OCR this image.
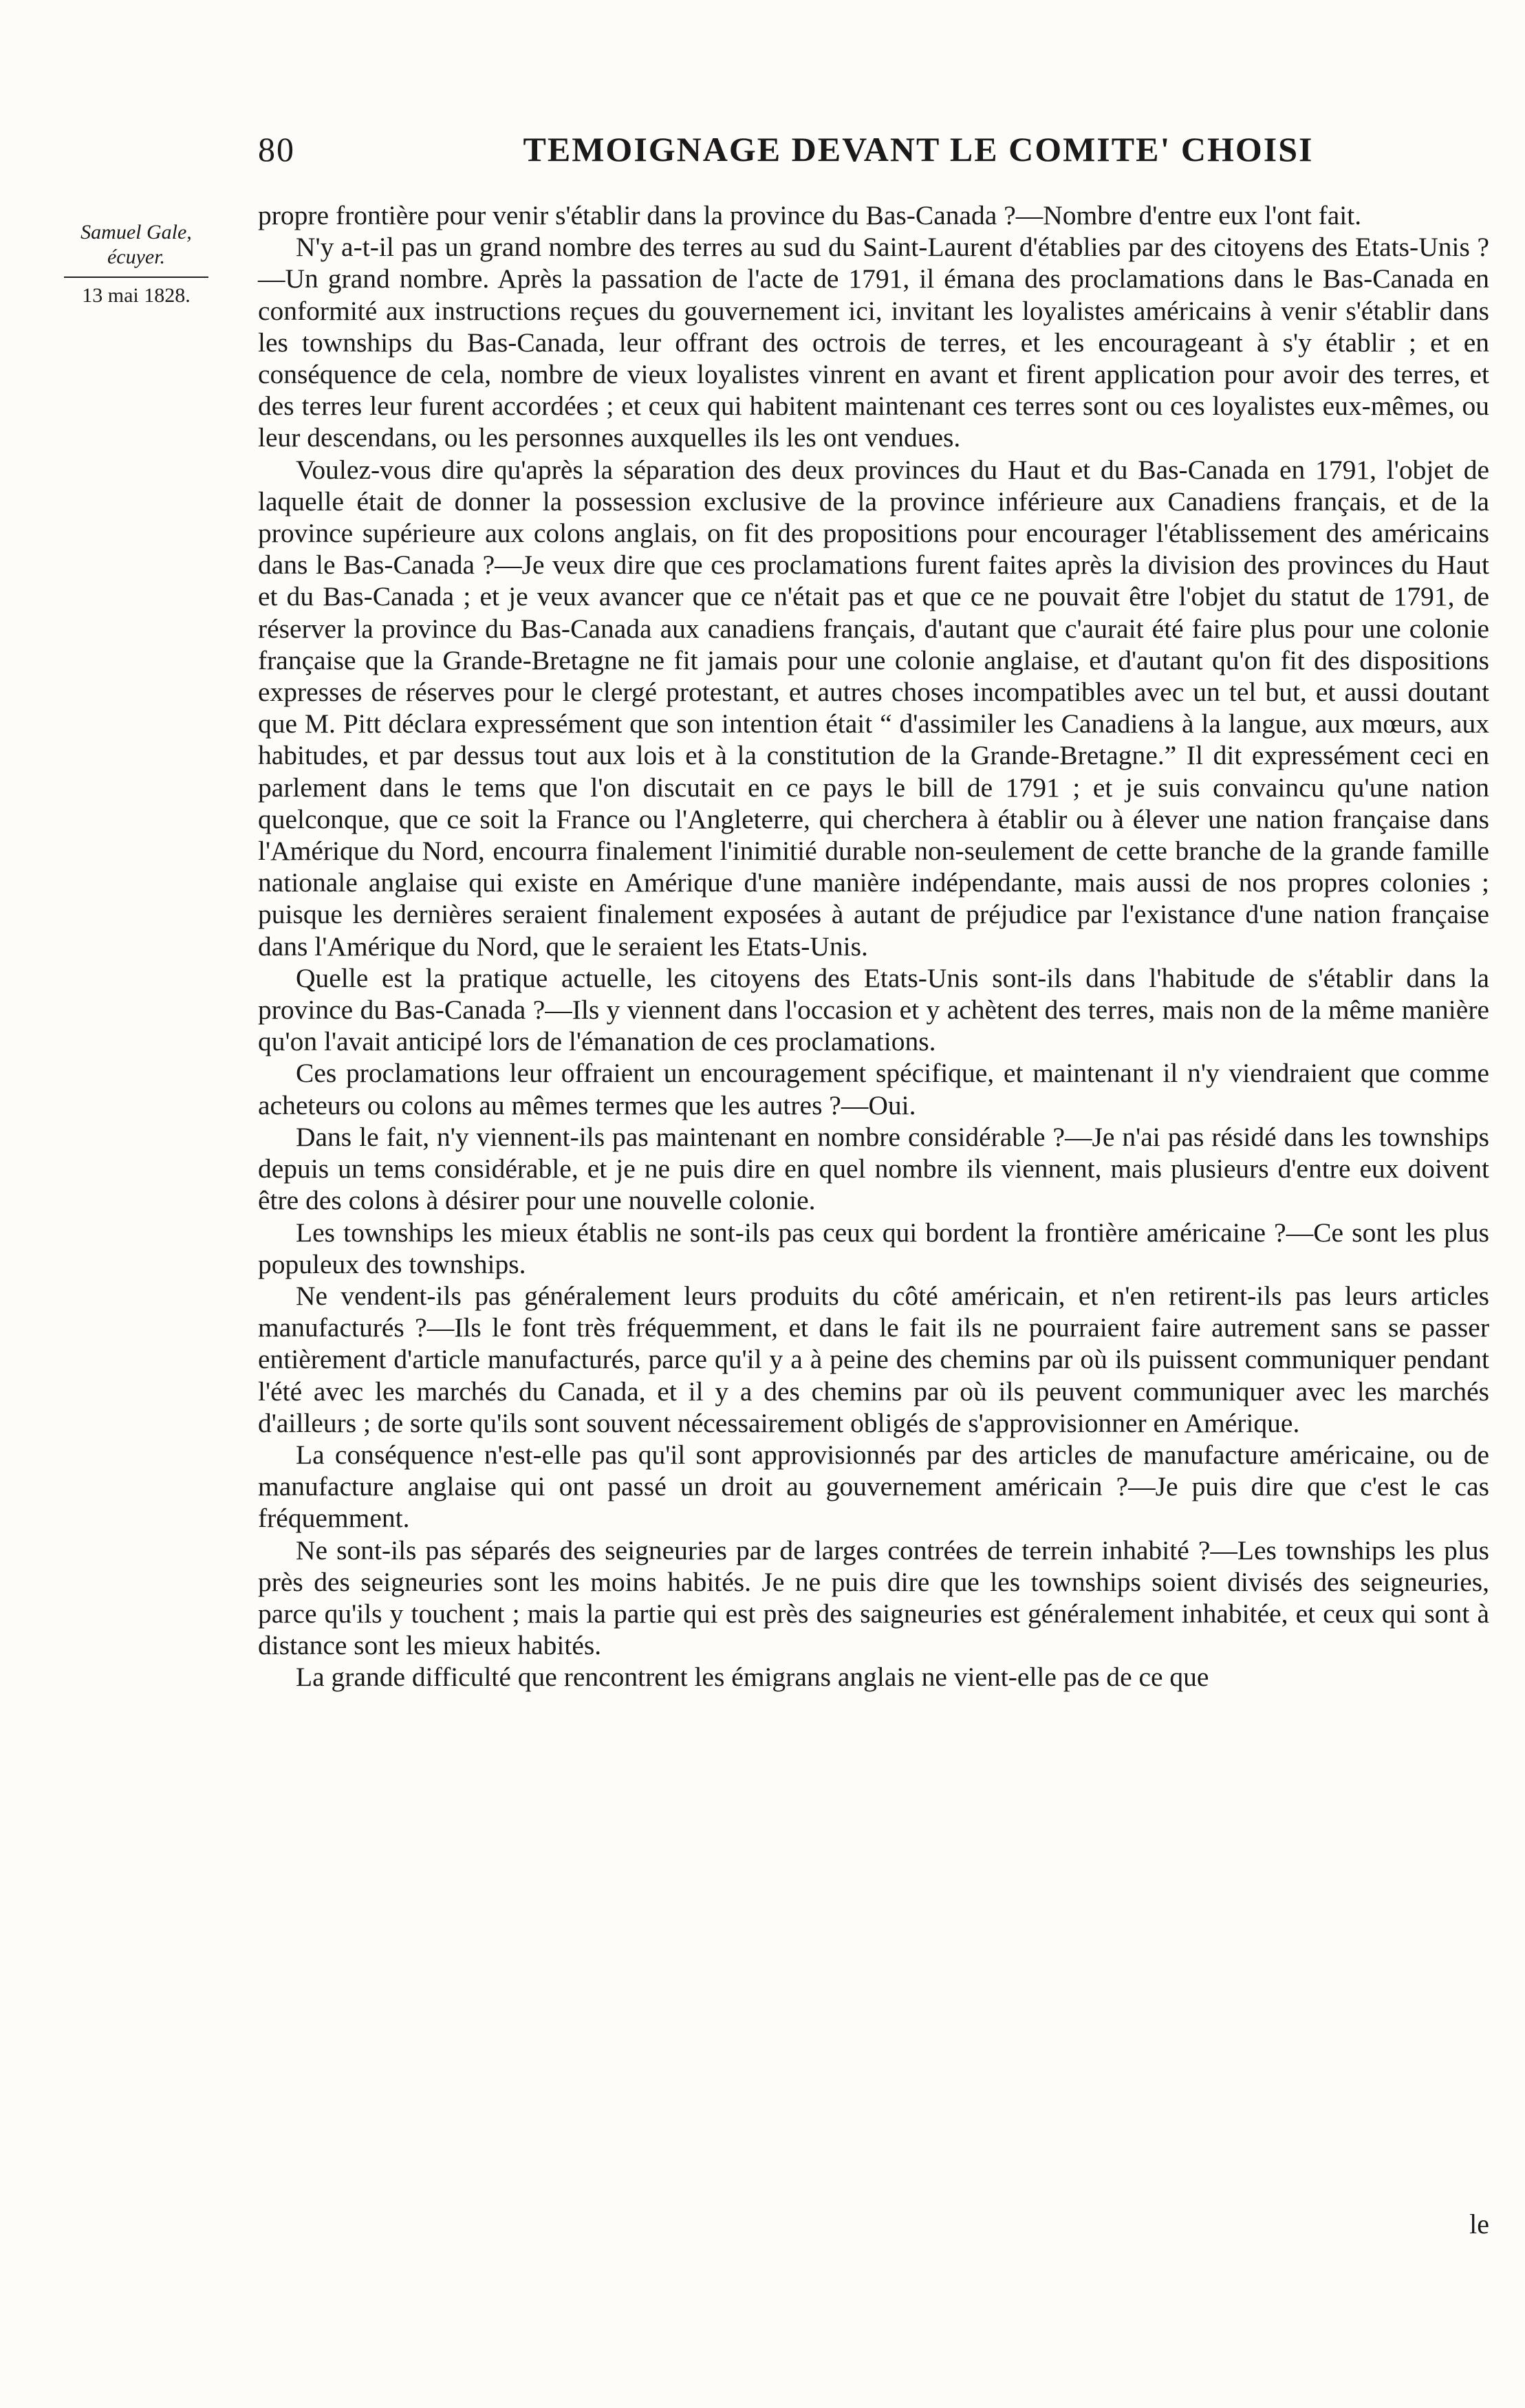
80	TEMOIGNAGE DEVANT LE COMITE' CHOISI
Samuel Gale,
écuyer.
13 mai 1828.

propre frontière pour venir s'établir dans la province du Bas-Canada ?—Nombre d'entre eux l'ont fait.

N'y a-t-il pas un grand nombre des terres au sud du Saint-Laurent d'établies par des citoyens des Etats-Unis ?—Un grand nombre. Après la passation de l'acte de 1791, il émana des proclamations dans le Bas-Canada en conformité aux instructions reçues du gouvernement ici, invitant les loyalistes américains à venir s'établir dans les townships du Bas-Canada, leur offrant des octrois de terres, et les encourageant à s'y établir ; et en conséquence de cela, nombre de vieux loyalistes vinrent en avant et firent application pour avoir des terres, et des terres leur furent accordées ; et ceux qui habitent maintenant ces terres sont ou ces loyalistes eux-mêmes, ou leur descendans, ou les personnes auxquelles ils les ont vendues.

Voulez-vous dire qu'après la séparation des deux provinces du Haut et du Bas-Canada en 1791, l'objet de laquelle était de donner la possession exclusive de la province inférieure aux Canadiens français, et de la province supérieure aux colons anglais, on fit des propositions pour encourager l'établissement des américains dans le Bas-Canada ?—Je veux dire que ces proclamations furent faites après la division des provinces du Haut et du Bas-Canada ; et je veux avancer que ce n'était pas et que ce ne pouvait être l'objet du statut de 1791, de réserver la province du Bas-Canada aux canadiens français, d'autant que c'aurait été faire plus pour une colonie française que la Grande-Bretagne ne fit jamais pour une colonie anglaise, et d'autant qu'on fit des dispositions expresses de réserves pour le clergé protestant, et autres choses incompatibles avec un tel but, et aussi doutant que M. Pitt déclara expressément que son intention était “ d'assimiler les Canadiens à la langue, aux mœurs, aux habitudes, et par dessus tout aux lois et à la constitution de la Grande-Bretagne.” Il dit expressément ceci en parlement dans le tems que l'on discutait en ce pays le bill de 1791 ; et je suis convaincu qu'une nation quelconque, que ce soit la France ou l'Angleterre, qui cherchera à établir ou à élever une nation française dans l'Amérique du Nord, encourra finalement l'inimitié durable non-seulement de cette branche de la grande famille nationale anglaise qui existe en Amérique d'une manière indépendante, mais aussi de nos propres colonies ; puisque les dernières seraient finalement exposées à autant de préjudice par l'existance d'une nation française dans l'Amérique du Nord, que le seraient les Etats-Unis.

Quelle est la pratique actuelle, les citoyens des Etats-Unis sont-ils dans l'habitude de s'établir dans la province du Bas-Canada ?—Ils y viennent dans l'occasion et y achètent des terres, mais non de la même manière qu'on l'avait anticipé lors de l'émanation de ces proclamations.

Ces proclamations leur offraient un encouragement spécifique, et maintenant il n'y viendraient que comme acheteurs ou colons au mêmes termes que les autres ?—Oui.

Dans le fait, n'y viennent-ils pas maintenant en nombre considérable ?—Je n'ai pas résidé dans les townships depuis un tems considérable, et je ne puis dire en quel nombre ils viennent, mais plusieurs d'entre eux doivent être des colons à désirer pour une nouvelle colonie.

Les townships les mieux établis ne sont-ils pas ceux qui bordent la frontière américaine ?—Ce sont les plus populeux des townships.

Ne vendent-ils pas généralement leurs produits du côté américain, et n'en retirent-ils pas leurs articles manufacturés ?—Ils le font très fréquemment, et dans le fait ils ne pourraient faire autrement sans se passer entièrement d'article manufacturés, parce qu'il y a à peine des chemins par où ils puissent communiquer pendant l'été avec les marchés du Canada, et il y a des chemins par où ils peuvent communiquer avec les marchés d'ailleurs ; de sorte qu'ils sont souvent nécessairement obligés de s'approvisionner en Amérique.

La conséquence n'est-elle pas qu'il sont approvisionnés par des articles de manufacture américaine, ou de manufacture anglaise qui ont passé un droit au gouvernement américain ?—Je puis dire que c'est le cas fréquemment.

Ne sont-ils pas séparés des seigneuries par de larges contrées de terrein inhabité ?—Les townships les plus près des seigneuries sont les moins habités. Je ne puis dire que les townships soient divisés des seigneuries, parce qu'ils y touchent ; mais la partie qui est près des saigneuries est généralement inhabitée, et ceux qui sont à distance sont les mieux habités.

La grande difficulté que rencontrent les émigrans anglais ne vient-elle pas de ce que

le
